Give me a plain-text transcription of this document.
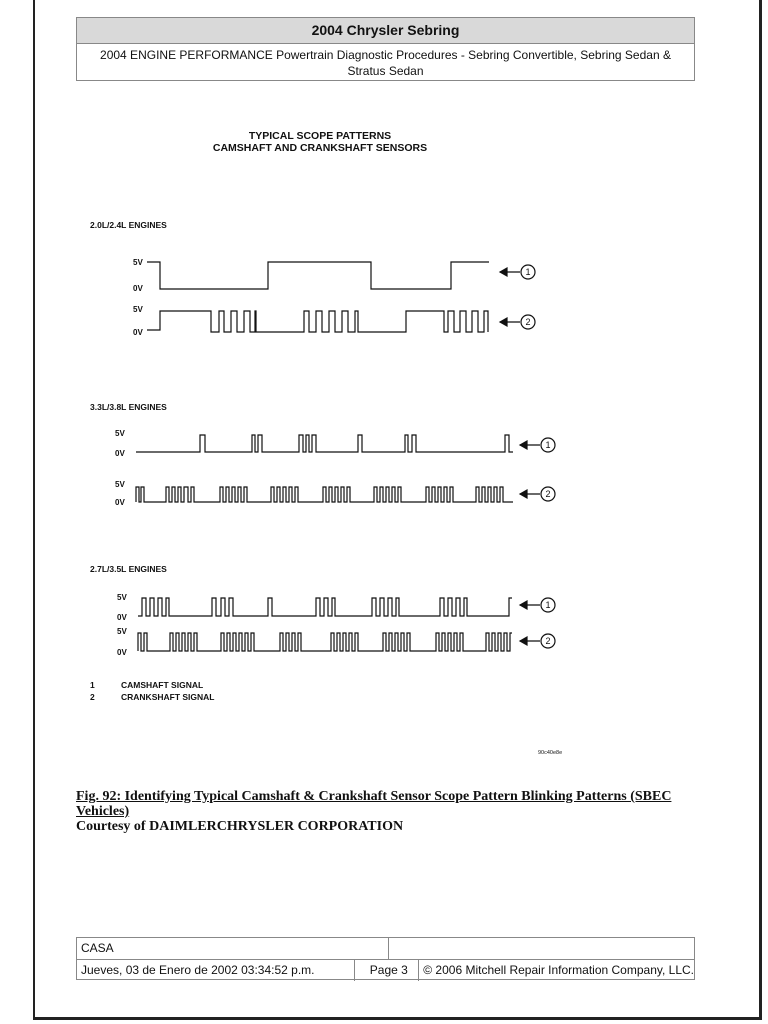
2004 Chrysler Sebring
2004 ENGINE PERFORMANCE Powertrain Diagnostic Procedures - Sebring Convertible, Sebring Sedan & Stratus Sedan
TYPICAL SCOPE PATTERNS
CAMSHAFT AND CRANKSHAFT SENSORS
2.0L/2.4L ENGINES
5V
0V
5V
0V
3.3L/3.8L ENGINES
5V
0V
5V
0V
2.7L/3.5L ENGINES
5V
0V
5V
0V
1
2
1
2
1
2
1	CAMSHAFT SIGNAL
2	CRANKSHAFT SIGNAL
90c40e8e
Fig. 92: Identifying Typical Camshaft & Crankshaft Sensor Scope Pattern Blinking Patterns (SBEC Vehicles)
Courtesy of DAIMLERCHRYSLER CORPORATION
CASA
Jueves, 03 de Enero de 2002 03:34:52 p.m.	Page 3	© 2006 Mitchell Repair Information Company, LLC.
